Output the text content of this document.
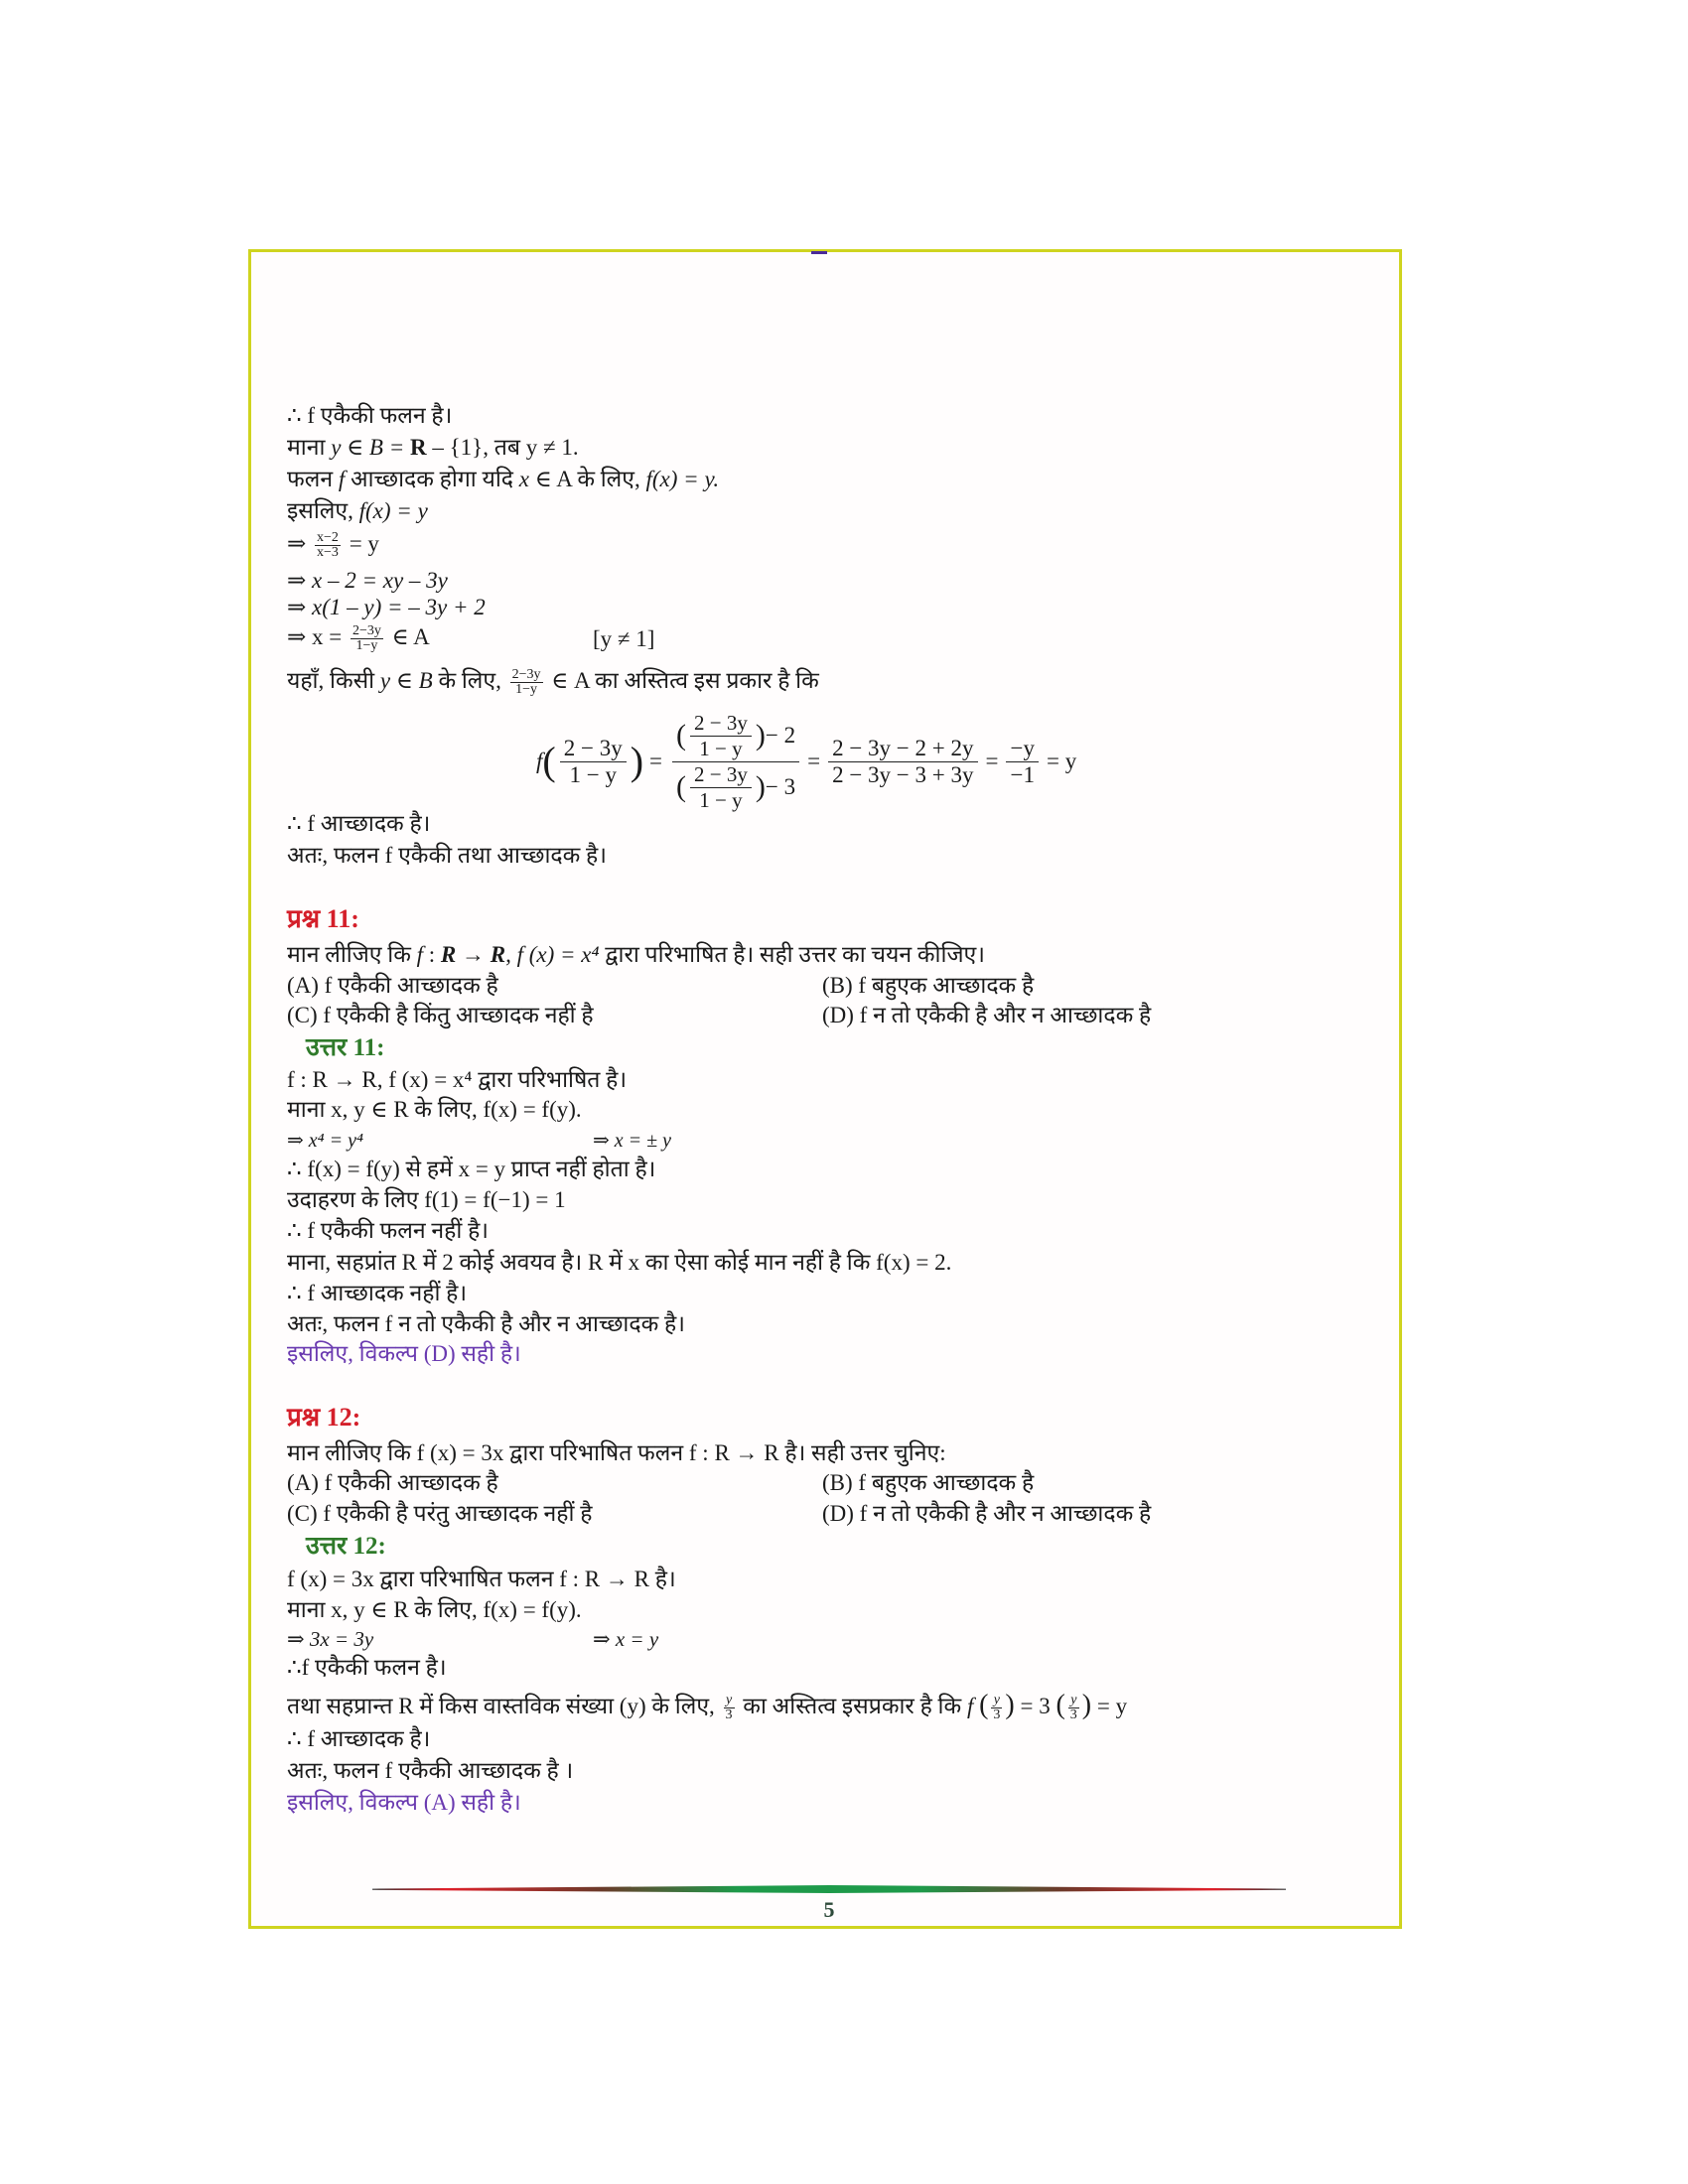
∴ f एकैकी फलन है।
माना y ∈ B = R – {1}, तब y ≠ 1.
फलन f आच्छादक होगा यदि x ∈ A के लिए, f(x) = y.
इसलिए, f(x) = y
⇒ $\frac{x-2}{x-3} = y$
⇒ x – 2 = xy – 3y
⇒ x(1 – y) = – 3y + 2
⇒ $x = \frac{2-3y}{1-y}$ ∈ A	[y ≠ 1]
यहाँ, किसी y ∈ B के लिए, $\frac{2-3y}{1-y}$ ∈ A का अस्तित्व इस प्रकार है कि
f ( $\frac{2 - 3y}{1 - y}$ ) = $\frac{( \frac{2 - 3y}{1 - y} ) - 2}{( \frac{2 - 3y}{1 - y} ) - 3} = \frac{2 - 3y - 2 + 2y}{2 - 3y - 3 + 3y} = \frac{-y}{-1} = y$
∴ f आच्छादक है।
अतः, फलन f एकैकी तथा आच्छादक है।
प्रश्न 11:
मान लीजिए कि f : R → R, f (x) = x⁴ द्वारा परिभाषित है। सही उत्तर का चयन कीजिए।
(A) f एकैकी आच्छादक है	(B) f बहुएक आच्छादक है
(C) f एकैकी है किंतु आच्छादक नहीं है	(D) f न तो एकैकी है और न आच्छादक है
उत्तर 11:
f : R → R, f (x) = x⁴ द्वारा परिभाषित है।
माना x, y ∈ R के लिए, f(x) = f(y).
⇒ x⁴ = y⁴	⇒ x = ± y
∴ f(x) = f(y) से हमें x = y प्राप्त नहीं होता है।
उदाहरण के लिए f(1) = f(−1) = 1
∴ f एकैकी फलन नहीं है।
माना, सहप्रांत R में 2 कोई अवयव है। R में x का ऐसा कोई मान नहीं है कि f(x) = 2.
∴ f आच्छादक नहीं है।
अतः, फलन f न तो एकैकी है और न आच्छादक है।
इसलिए, विकल्प (D) सही है।
प्रश्न 12:
मान लीजिए कि f (x) = 3x द्वारा परिभाषित फलन f : R → R है। सही उत्तर चुनिए:
(A) f एकैकी आच्छादक है	(B) f बहुएक आच्छादक है
(C) f एकैकी है परंतु आच्छादक नहीं है	(D) f न तो एकैकी है और न आच्छादक है
उत्तर 12:
f (x) = 3x द्वारा परिभाषित फलन f : R → R है।
माना x, y ∈ R के लिए, f(x) = f(y).
⇒ 3x = 3y	⇒ x = y
∴f एकैकी फलन है।
तथा सहप्रान्त R में किस वास्तविक संख्या (y) के लिए, $\frac{y}{3}$ का अस्तित्व इसप्रकार है कि f ( $\frac{y}{3}$ ) = 3 ( $\frac{y}{3}$ ) = y
∴ f आच्छादक है।
अतः, फलन f एकैकी आच्छादक है ।
इसलिए, विकल्प (A) सही है।
5
